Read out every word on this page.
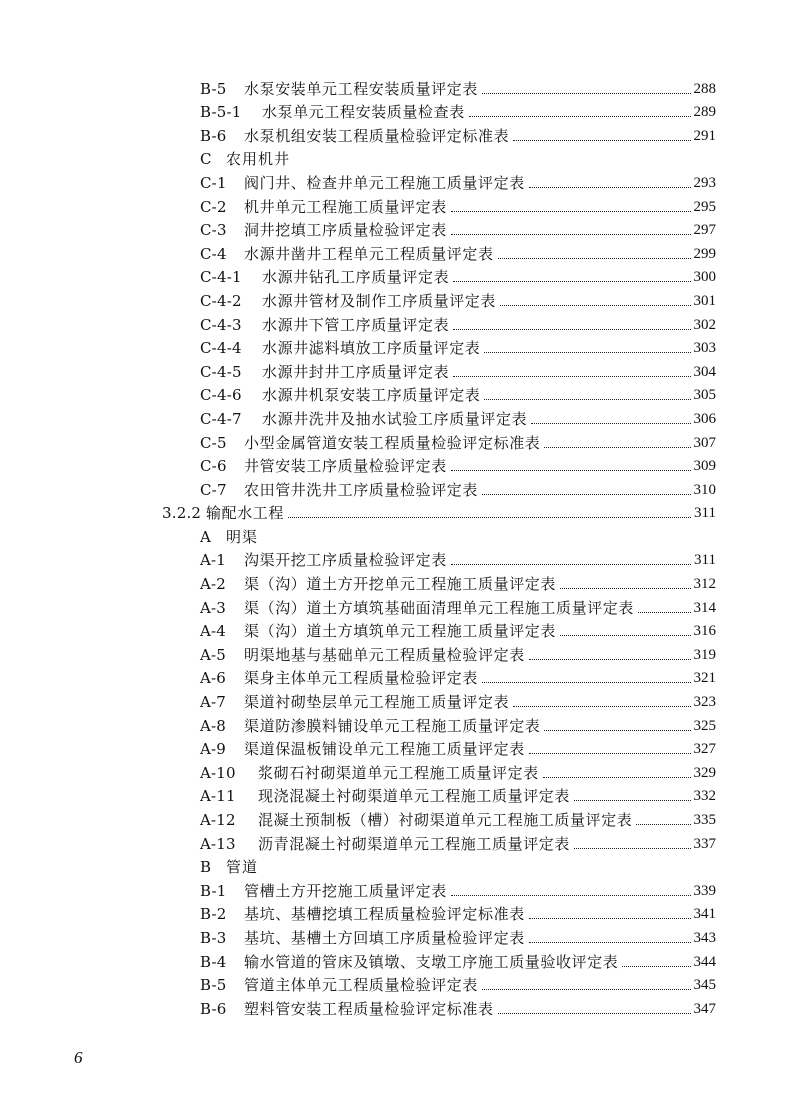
B-5	水泵安装单元工程安装质量评定表	288
B-5-1	水泵单元工程安装质量检查表	289
B-6	水泵机组安装工程质量检验评定标准表	291
C 农用机井
C-1	阀门井、检查井单元工程施工质量评定表	293
C-2	机井单元工程施工质量评定表	295
C-3	洞井挖填工序质量检验评定表	297
C-4	水源井凿井工程单元工程质量评定表	299
C-4-1	水源井钻孔工序质量评定表	300
C-4-2	水源井管材及制作工序质量评定表	301
C-4-3	水源井下管工序质量评定表	302
C-4-4	水源井滤料填放工序质量评定表	303
C-4-5	水源井封井工序质量评定表	304
C-4-6	水源井机泵安装工序质量评定表	305
C-4-7	水源井洗井及抽水试验工序质量评定表	306
C-5	小型金属管道安装工程质量检验评定标准表	307
C-6	井管安装工序质量检验评定表	309
C-7	农田管井洗井工序质量检验评定表	310
3.2.2 输配水工程	311
A 明渠
A-1	沟渠开挖工序质量检验评定表	311
A-2	渠（沟）道土方开挖单元工程施工质量评定表	312
A-3	渠（沟）道土方填筑基础面清理单元工程施工质量评定表	314
A-4	渠（沟）道土方填筑单元工程施工质量评定表	316
A-5	明渠地基与基础单元工程质量检验评定表	319
A-6	渠身主体单元工程质量检验评定表	321
A-7	渠道衬砌垫层单元工程施工质量评定表	323
A-8	渠道防渗膜料铺设单元工程施工质量评定表	325
A-9	渠道保温板铺设单元工程施工质量评定表	327
A-10	浆砌石衬砌渠道单元工程施工质量评定表	329
A-11	现浇混凝土衬砌渠道单元工程施工质量评定表	332
A-12	混凝土预制板（槽）衬砌渠道单元工程施工质量评定表	335
A-13	沥青混凝土衬砌渠道单元工程施工质量评定表	337
B 管道
B-1	管槽土方开挖施工质量评定表	339
B-2	基坑、基槽挖填工程质量检验评定标准表	341
B-3	基坑、基槽土方回填工序质量检验评定表	343
B-4	输水管道的管床及镇墩、支墩工序施工质量验收评定表	344
B-5	管道主体单元工程质量检验评定表	345
B-6	塑料管安装工程质量检验评定标准表	347
6
